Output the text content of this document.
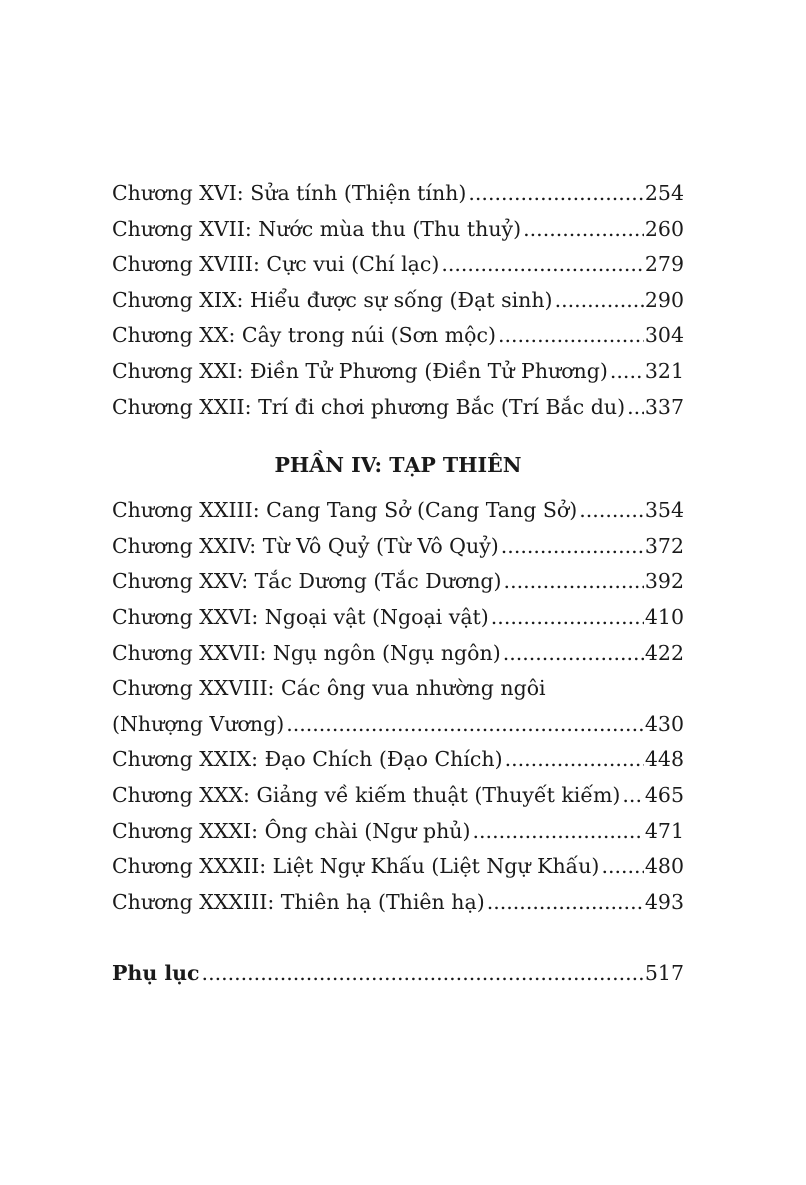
Chương XVI: Sửa tính (Thiện tính) .....	254
Chương XVII: Nước mùa thu (Thu thuỷ) .....	260
Chương XVIII: Cực vui (Chí lạc) .....	279
Chương XIX: Hiểu được sự sống (Đạt sinh) .....	290
Chương XX: Cây trong núi (Sơn mộc) .....	304
Chương XXI: Điền Tử Phương (Điền Tử Phương) ..... 321
Chương XXII: Trí đi chơi phương Bắc (Trí Bắc du) ..... 337
PHẦN IV: TẠP THIÊN
Chương XXIII: Cang Tang Sở (Cang Tang Sở) .....	354
Chương XXIV: Từ Vô Quỷ (Từ Vô Quỷ) .....	372
Chương XXV: Tắc Dương (Tắc Dương) .....	392
Chương XXVI: Ngoại vật (Ngoại vật) .....	410
Chương XXVII: Ngụ ngôn (Ngụ ngôn) .....	422
Chương XXVIII: Các ông vua nhường ngôi
(Nhượng Vương) .....	430
Chương XXIX: Đạo Chích (Đạo Chích) .....	448
Chương XXX: Giảng về kiếm thuật (Thuyết kiếm) ..... 465
Chương XXXI: Ông chài (Ngư phủ) .....	471
Chương XXXII: Liệt Ngự Khấu (Liệt Ngự Khấu) ..... 480
Chương XXXIII: Thiên hạ (Thiên hạ) .....	493
Phụ lục .....	517
